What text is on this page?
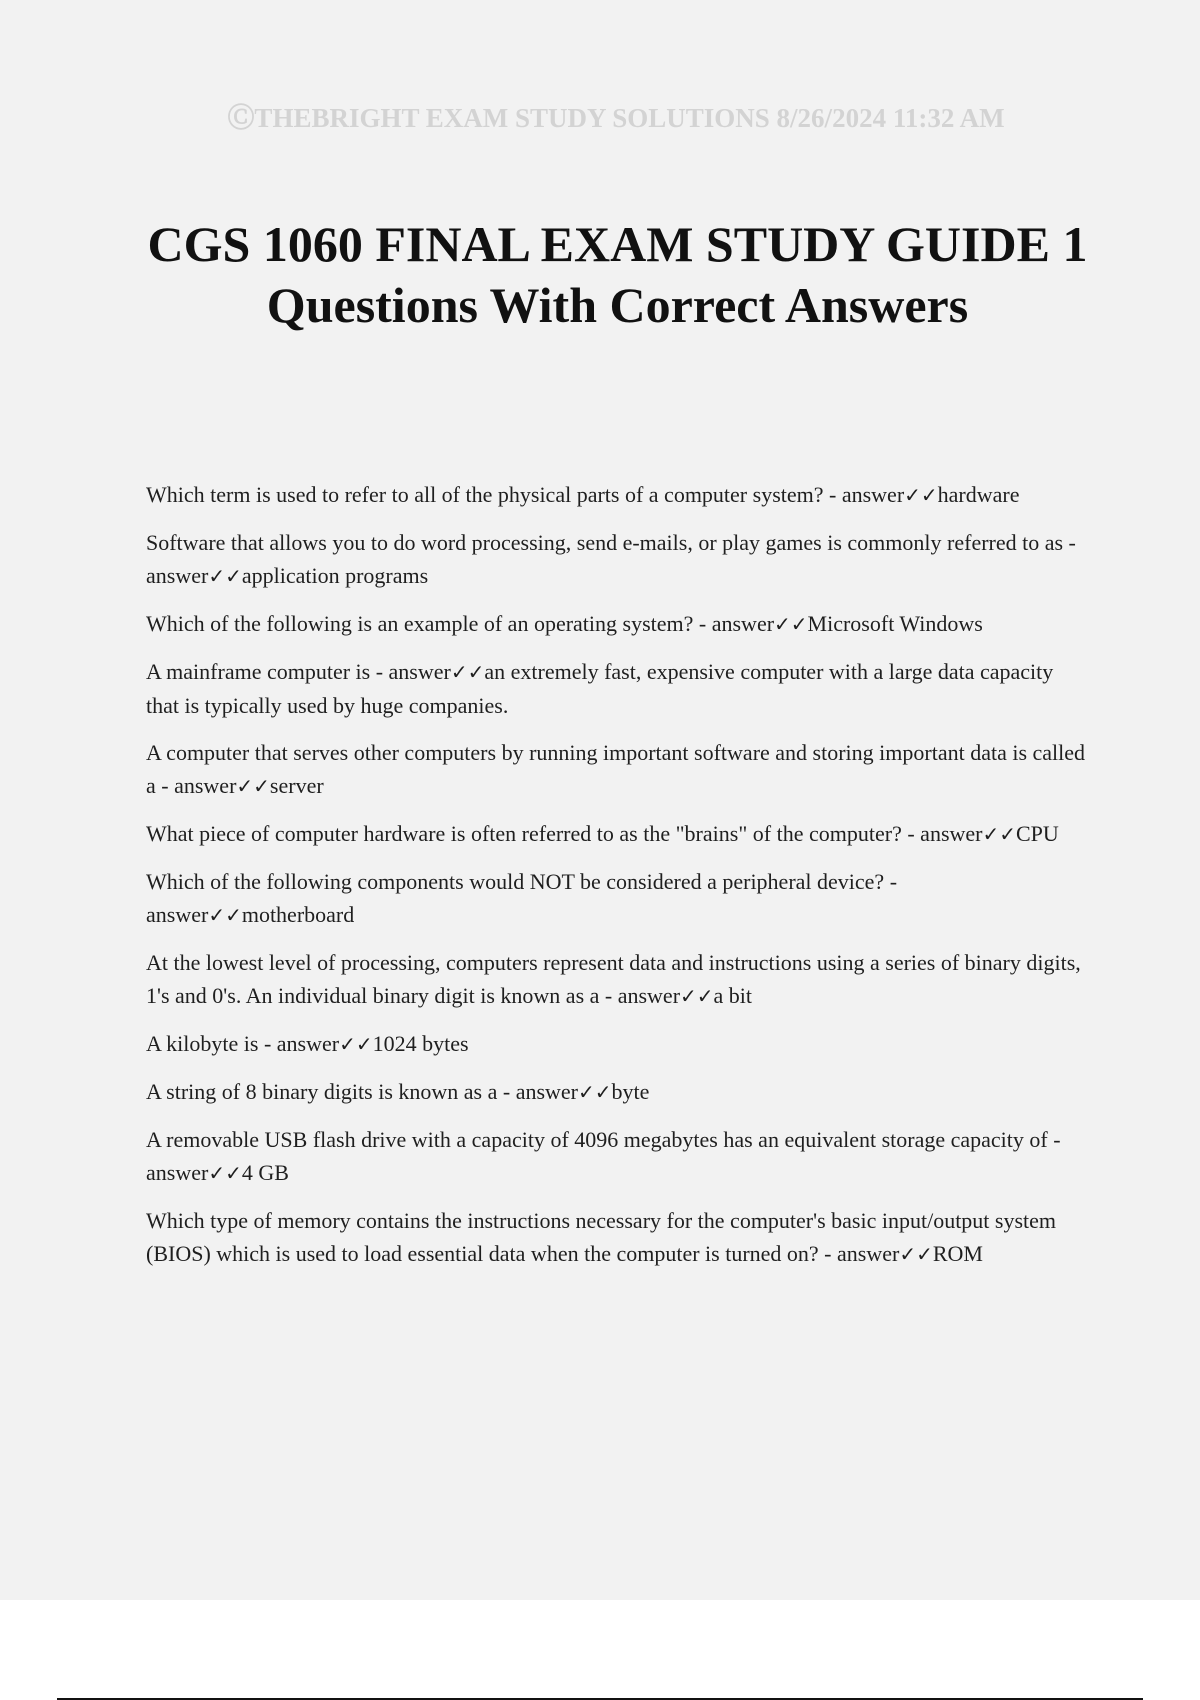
ⒸTHEBRIGHT EXAM STUDY SOLUTIONS 8/26/2024 11:32 AM
CGS 1060 FINAL EXAM STUDY GUIDE 1
Questions With Correct Answers
Which term is used to refer to all of the physical parts of a computer system? - answer✓✓hardware
Software that allows you to do word processing, send e-mails, or play games is commonly referred to as - answer✓✓application programs
Which of the following is an example of an operating system? - answer✓✓Microsoft Windows
A mainframe computer is - answer✓✓an extremely fast, expensive computer with a large data capacity that is typically used by huge companies.
A computer that serves other computers by running important software and storing important data is called a - answer✓✓server
What piece of computer hardware is often referred to as the "brains" of the computer? - answer✓✓CPU
Which of the following components would NOT be considered a peripheral device? - answer✓✓motherboard
At the lowest level of processing, computers represent data and instructions using a series of binary digits, 1's and 0's. An individual binary digit is known as a - answer✓✓a bit
A kilobyte is - answer✓✓1024 bytes
A string of 8 binary digits is known as a - answer✓✓byte
A removable USB flash drive with a capacity of 4096 megabytes has an equivalent storage capacity of - answer✓✓4 GB
Which type of memory contains the instructions necessary for the computer's basic input/output system (BIOS) which is used to load essential data when the computer is turned on? - answer✓✓ROM
